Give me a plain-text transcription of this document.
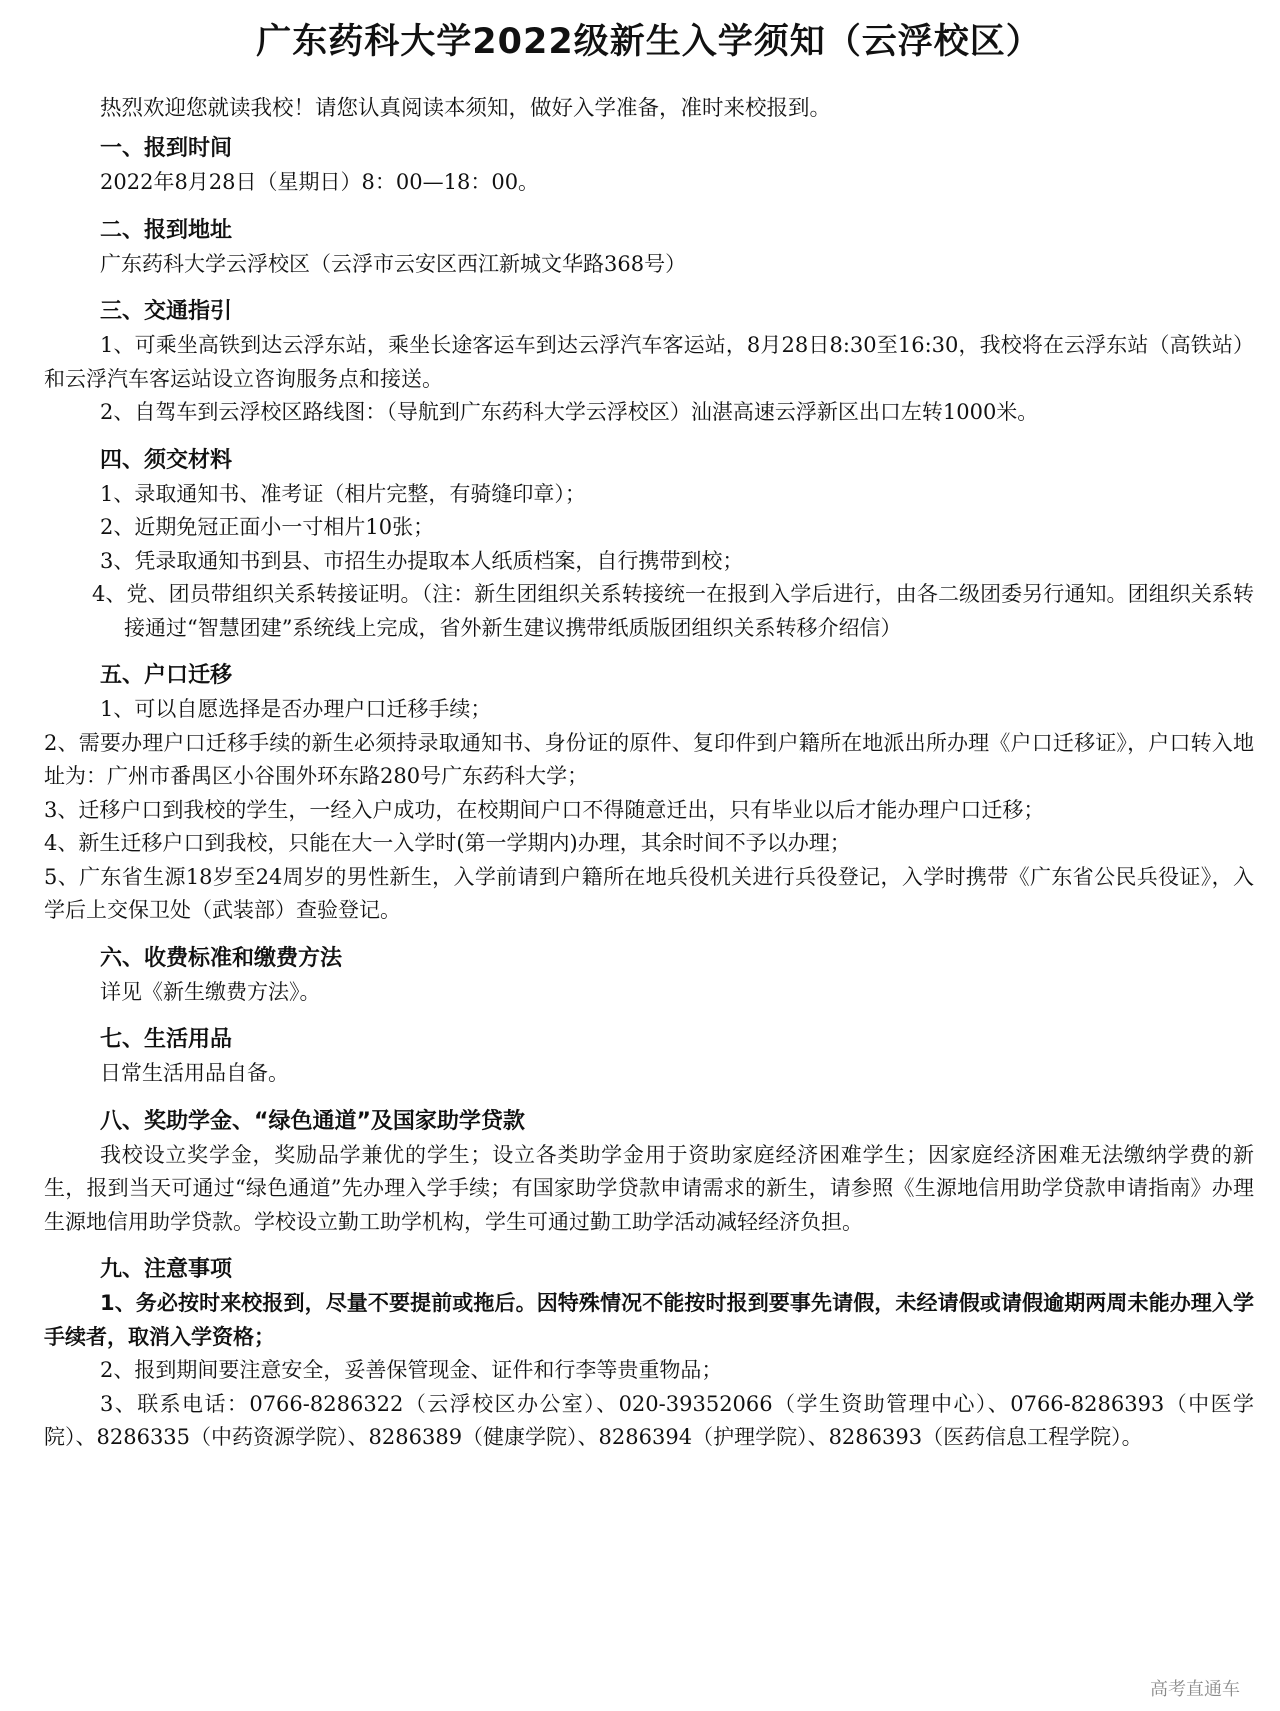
广东药科大学2022级新生入学须知（云浮校区）

热烈欢迎您就读我校！请您认真阅读本须知，做好入学准备，准时来校报到。

一、报到时间

2022年8月28日（星期日）8：00—18：00。

二、报到地址

广东药科大学云浮校区（云浮市云安区西江新城文华路368号）

三、交通指引

1、可乘坐高铁到达云浮东站，乘坐长途客运车到达云浮汽车客运站，8月28日8:30至16:30，我校将在云浮东站（高铁站）和云浮汽车客运站设立咨询服务点和接送。

2、自驾车到云浮校区路线图：（导航到广东药科大学云浮校区）汕湛高速云浮新区出口左转1000米。

四、须交材料

1、录取通知书、准考证（相片完整，有骑缝印章）；

2、近期免冠正面小一寸相片10张；

3、凭录取通知书到县、市招生办提取本人纸质档案，自行携带到校；

4、党、团员带组织关系转接证明。（注：新生团组织关系转接统一在报到入学后进行，由各二级团委另行通知。团组织关系转接通过“智慧团建”系统线上完成，省外新生建议携带纸质版团组织关系转移介绍信）

五、户口迁移

1、可以自愿选择是否办理户口迁移手续；

2、需要办理户口迁移手续的新生必须持录取通知书、身份证的原件、复印件到户籍所在地派出所办理《户口迁移证》，户口转入地址为：广州市番禺区小谷围外环东路280号广东药科大学；

3、迁移户口到我校的学生，一经入户成功，在校期间户口不得随意迁出，只有毕业以后才能办理户口迁移；

4、新生迁移户口到我校，只能在大一入学时(第一学期内)办理，其余时间不予以办理；

5、广东省生源18岁至24周岁的男性新生，入学前请到户籍所在地兵役机关进行兵役登记，入学时携带《广东省公民兵役证》，入学后上交保卫处（武装部）查验登记。

六、收费标准和缴费方法

详见《新生缴费方法》。

七、生活用品

日常生活用品自备。

八、奖助学金、“绿色通道”及国家助学贷款

我校设立奖学金，奖励品学兼优的学生；设立各类助学金用于资助家庭经济困难学生；因家庭经济困难无法缴纳学费的新生，报到当天可通过“绿色通道”先办理入学手续；有国家助学贷款申请需求的新生，请参照《生源地信用助学贷款申请指南》办理生源地信用助学贷款。学校设立勤工助学机构，学生可通过勤工助学活动减轻经济负担。

九、注意事项

1、务必按时来校报到，尽量不要提前或拖后。因特殊情况不能按时报到要事先请假，未经请假或请假逾期两周未能办理入学手续者，取消入学资格；

2、报到期间要注意安全，妥善保管现金、证件和行李等贵重物品；

3、联系电话：0766-8286322（云浮校区办公室）、020-39352066（学生资助管理中心）、0766-8286393（中医学院）、8286335（中药资源学院）、8286389（健康学院）、8286394（护理学院）、8286393（医药信息工程学院）。

高考直通车
